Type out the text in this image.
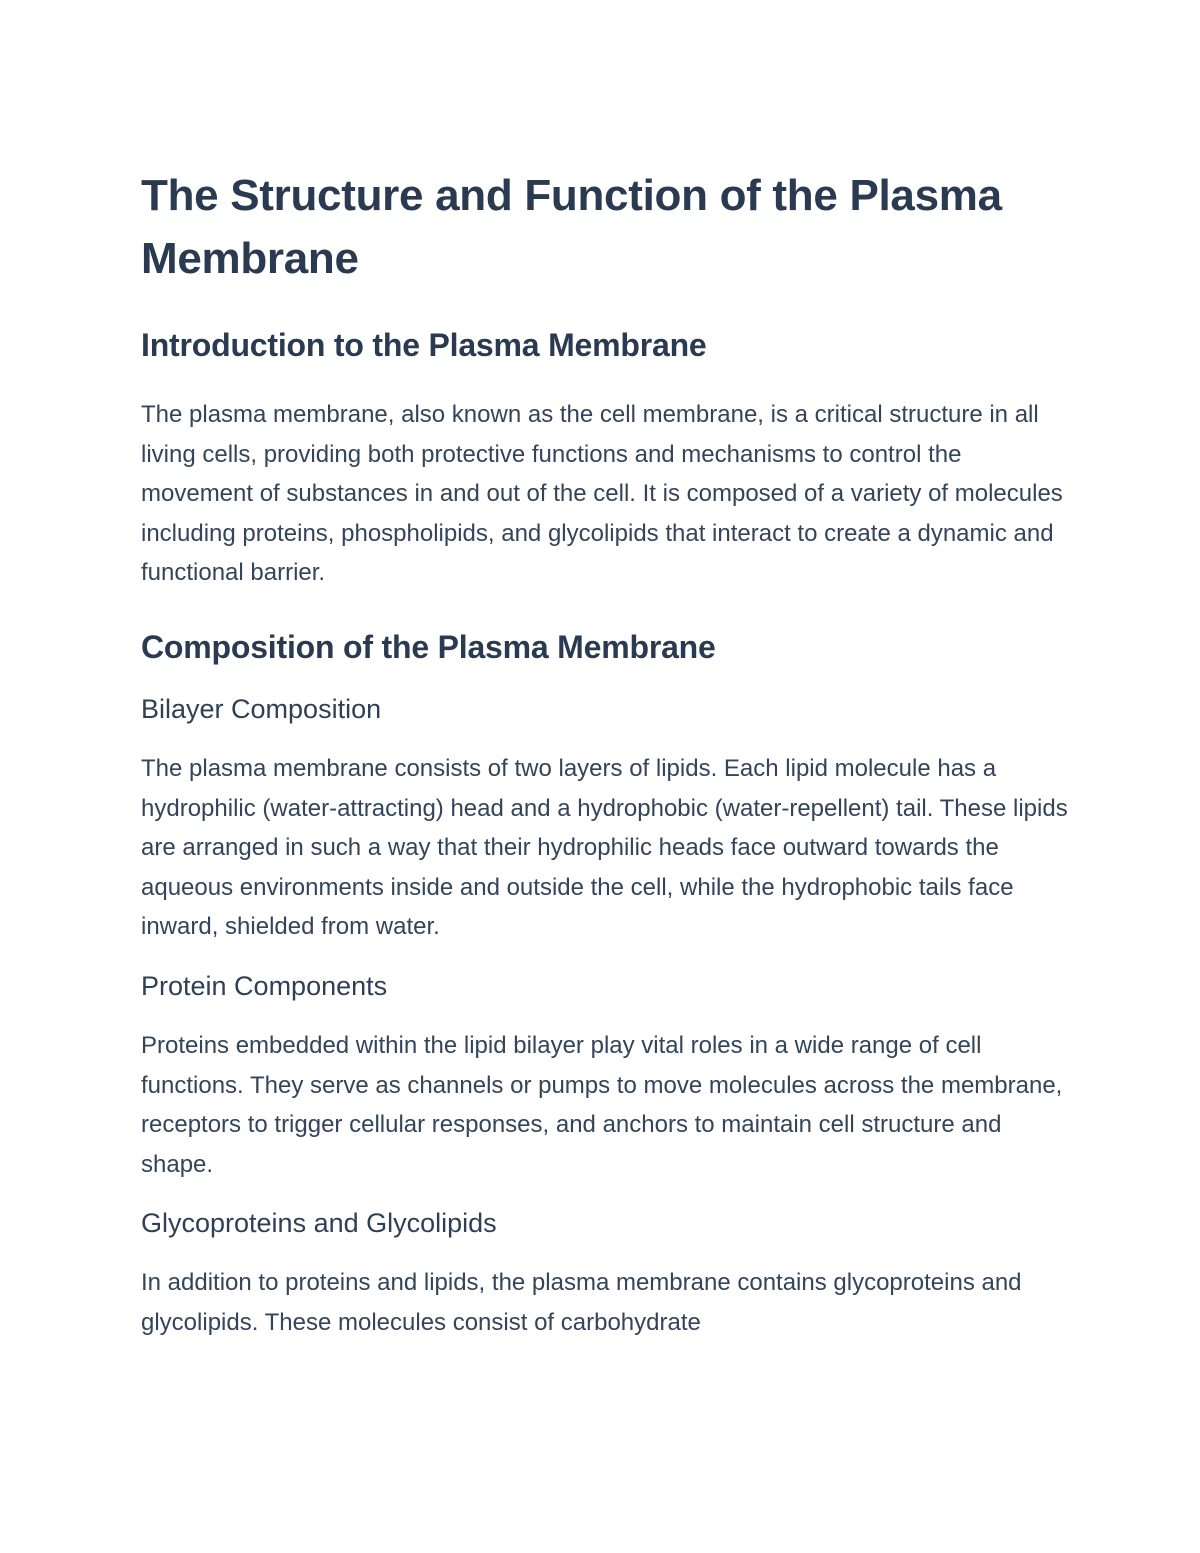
The Structure and Function of the Plasma Membrane
Introduction to the Plasma Membrane

The plasma membrane, also known as the cell membrane, is a critical structure in all living cells, providing both protective functions and mechanisms to control the movement of substances in and out of the cell. It is composed of a variety of molecules including proteins, phospholipids, and glycolipids that interact to create a dynamic and functional barrier.

Composition of the Plasma Membrane
Bilayer Composition

The plasma membrane consists of two layers of lipids. Each lipid molecule has a hydrophilic (water-attracting) head and a hydrophobic (water-repellent) tail. These lipids are arranged in such a way that their hydrophilic heads face outward towards the aqueous environments inside and outside the cell, while the hydrophobic tails face inward, shielded from water.

Protein Components

Proteins embedded within the lipid bilayer play vital roles in a wide range of cell functions. They serve as channels or pumps to move molecules across the membrane, receptors to trigger cellular responses, and anchors to maintain cell structure and shape.

Glycoproteins and Glycolipids

In addition to proteins and lipids, the plasma membrane contains glycoproteins and glycolipids. These molecules consist of carbohydrate
